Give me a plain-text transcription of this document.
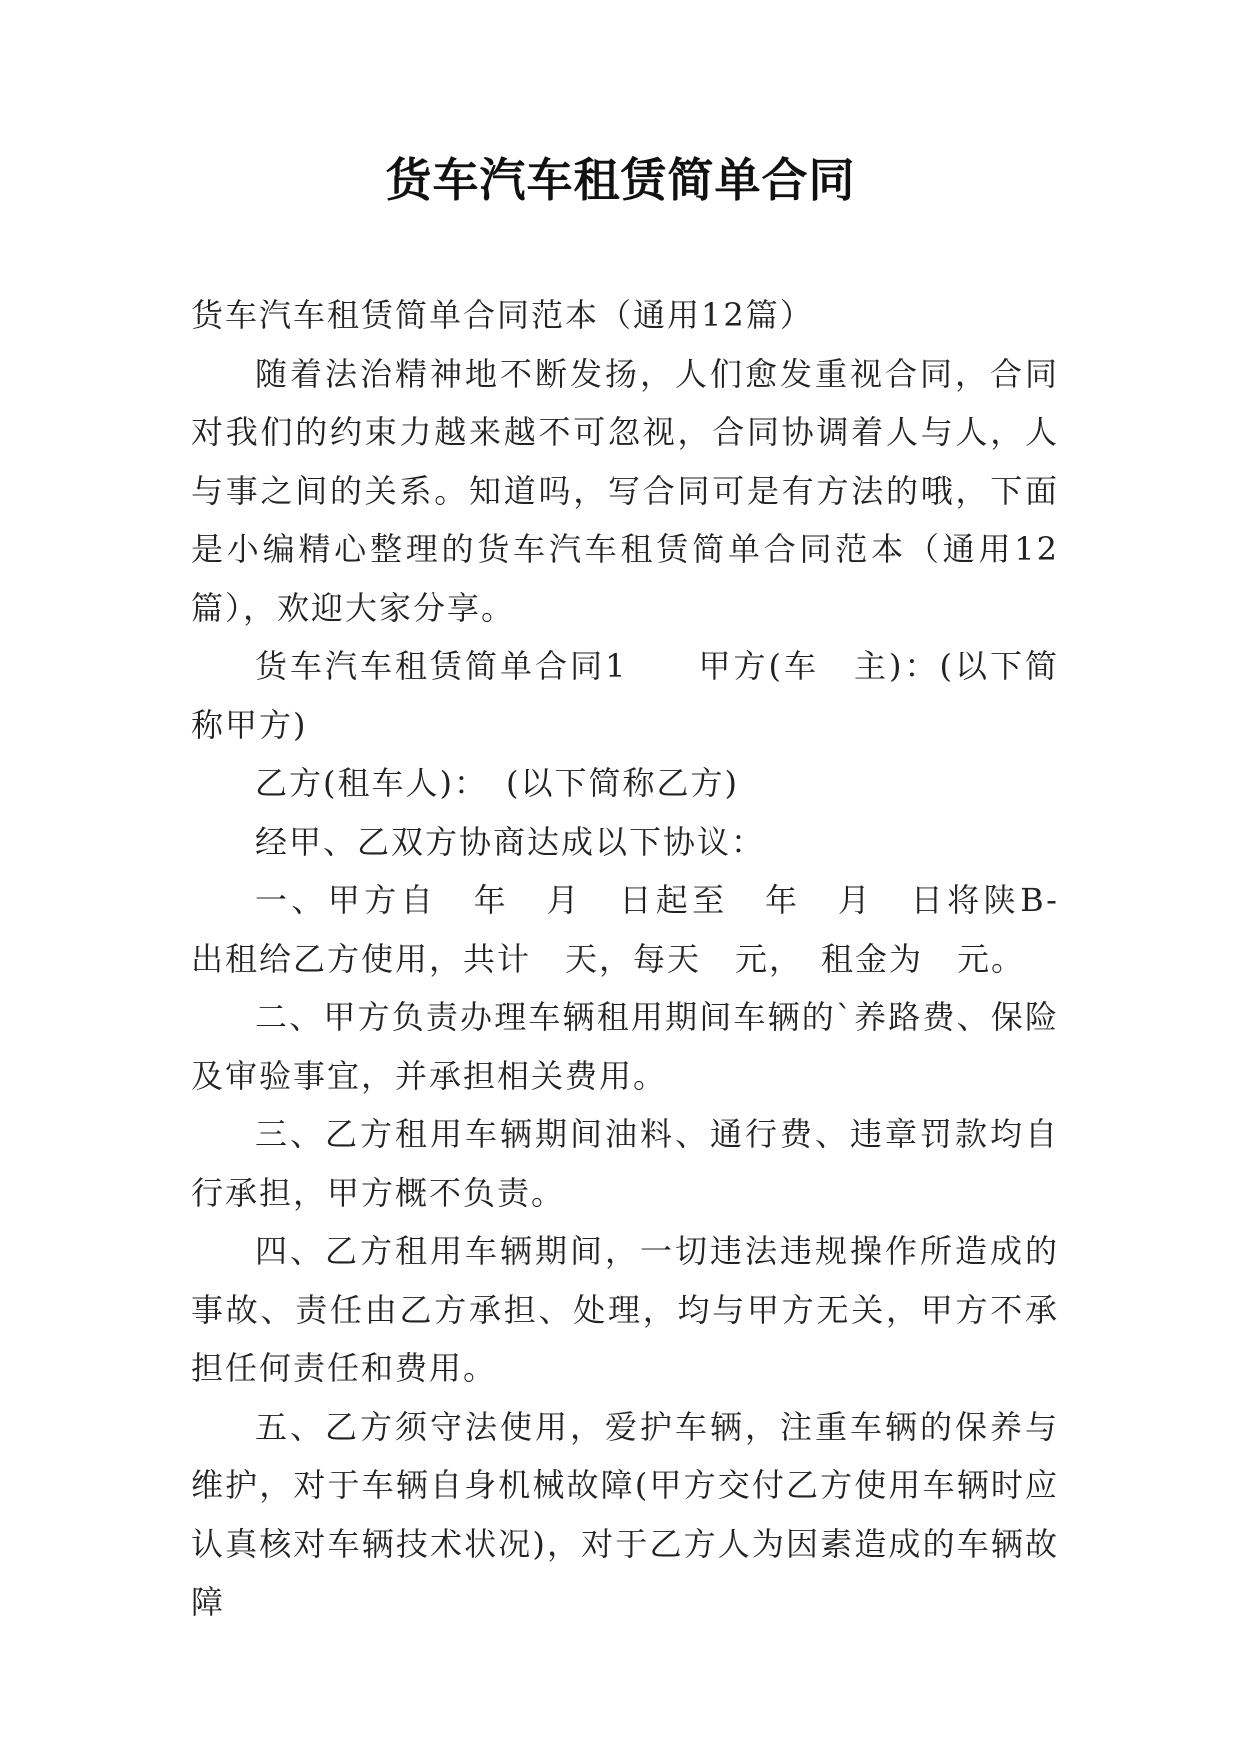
货车汽车租赁简单合同

货车汽车租赁简单合同范本（通用12篇）

随着法治精神地不断发扬，人们愈发重视合同，合同对我们的约束力越来越不可忽视，合同协调着人与人，人与事之间的关系。知道吗，写合同可是有方法的哦，下面是小编精心整理的货车汽车租赁简单合同范本（通用12篇），欢迎大家分享。

货车汽车租赁简单合同1　　甲方(车　主)：(以下简称甲方)

乙方(租车人)：　(以下简称乙方)

经甲、乙双方协商达成以下协议：

一、甲方自　年　月　日起至　年　月　日将陕B-　出租给乙方使用，共计　天，每天　元，　租金为　元。

二、甲方负责办理车辆租用期间车辆的`养路费、保险及审验事宜，并承担相关费用。

三、乙方租用车辆期间油料、通行费、违章罚款均自行承担，甲方概不负责。

四、乙方租用车辆期间，一切违法违规操作所造成的事故、责任由乙方承担、处理，均与甲方无关，甲方不承担任何责任和费用。

五、乙方须守法使用，爱护车辆，注重车辆的保养与维护，对于车辆自身机械故障(甲方交付乙方使用车辆时应认真核对车辆技术状况)，对于乙方人为因素造成的车辆故障
